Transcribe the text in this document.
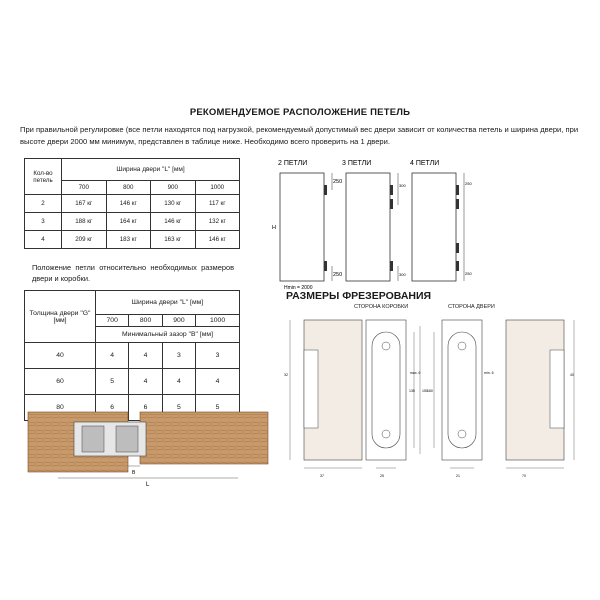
РЕКОМЕНДУЕМОЕ РАСПОЛОЖЕНИЕ ПЕТЕЛЬ
При правильной регулировке (все петли находятся под нагрузкой, рекомендуемый допустимый вес двери зависит от количества петель и ширина двери, при высоте двери 2000 мм минимум, представлен в таблице ниже. Необходимо всего проверить на 1 двери.
Кол-во петель	Ширина двери "L" [мм]			
	700	800	900	1000
2	167 кг	146 кг	130 кг	117 кг
3	188 кг	164 кг	146 кг	132 кг
4	209 кг	183 кг	163 кг	146 кг
Положение петли относительно необходимых размеров двери и коробки.
Толщина двери "G" [мм]	Ширина двери "L" [мм]			
	700	800	900	1000
	Минимальный зазор "B" [мм]			
40	4	4	3	3
60	5	4	4	4
80	6	6	5	5
2 ПЕТЛИ	3 ПЕТЛИ	4 ПЕТЛИ
250
250
H
Hmin = 2000
300
300
250
250
РАЗМЕРЫ ФРЕЗЕРОВАНИЯ
СТОРОНА КОРОБКИ	СТОРОНА ДВЕРИ
32
37
135 150
max. 6
25
160
min. 6
21
40
70
L
B
